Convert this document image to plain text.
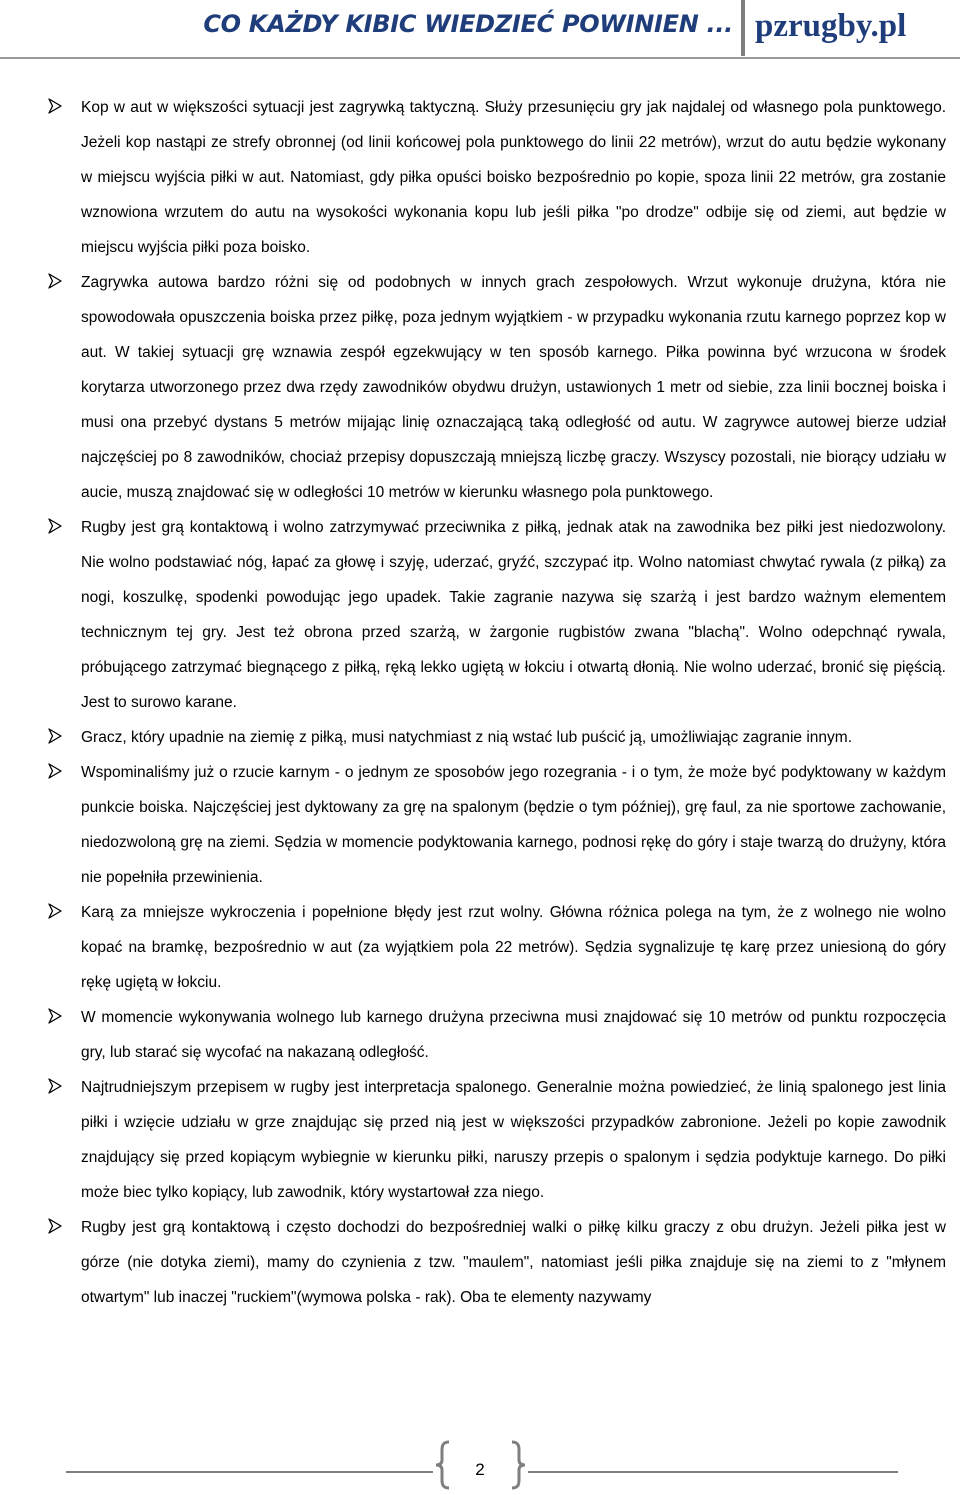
CO KAŻDY KIBIC WIEDZIEĆ POWINIEN ... pzrugby.pl
Kop w aut w większości sytuacji jest zagrywką taktyczną. Służy przesunięciu gry jak najdalej od własnego pola punktowego. Jeżeli kop nastąpi ze strefy obronnej (od linii końcowej pola punktowego do linii 22 metrów), wrzut do autu będzie wykonany w miejscu wyjścia piłki w aut. Natomiast, gdy piłka opuści boisko bezpośrednio po kopie, spoza linii 22 metrów, gra zostanie wznowiona wrzutem do autu na wysokości wykonania kopu lub jeśli piłka "po drodze" odbije się od ziemi, aut będzie w miejscu wyjścia piłki poza boisko.
Zagrywka autowa bardzo różni się od podobnych w innych grach zespołowych. Wrzut wykonuje drużyna, która nie spowodowała opuszczenia boiska przez piłkę, poza jednym wyjątkiem - w przypadku wykonania rzutu karnego poprzez kop w aut. W takiej sytuacji grę wznawia zespół egzekwujący w ten sposób karnego. Piłka powinna być wrzucona w środek korytarza utworzonego przez dwa rzędy zawodników obydwu drużyn, ustawionych 1 metr od siebie, zza linii bocznej boiska i musi ona przebyć dystans 5 metrów mijając linię oznaczającą taką odległość od autu. W zagrywce autowej bierze udział najczęściej po 8 zawodników, chociaż przepisy dopuszczają mniejszą liczbę graczy. Wszyscy pozostali, nie biorący udziału w aucie, muszą znajdować się w odległości 10 metrów w kierunku własnego pola punktowego.
Rugby jest grą kontaktową i wolno zatrzymywać przeciwnika z piłką, jednak atak na zawodnika bez piłki jest niedozwolony. Nie wolno podstawiać nóg, łapać za głowę i szyję, uderzać, gryźć, szczypać itp. Wolno natomiast chwytać rywala (z piłką) za nogi, koszulkę, spodenki powodując jego upadek. Takie zagranie nazywa się szarżą i jest bardzo ważnym elementem technicznym tej gry. Jest też obrona przed szarżą, w żargonie rugbistów zwana "blachą". Wolno odepchnąć rywala, próbującego zatrzymać biegnącego z piłką, ręką lekko ugiętą w łokciu i otwartą dłonią. Nie wolno uderzać, bronić się pięścią. Jest to surowo karane.
Gracz, który upadnie na ziemię z piłką, musi natychmiast z nią wstać lub puścić ją, umożliwiając zagranie innym.
Wspominaliśmy już o rzucie karnym - o jednym ze sposobów jego rozegrania - i o tym, że może być podyktowany w każdym punkcie boiska. Najczęściej jest dyktowany za grę na spalonym (będzie o tym później), grę faul, za nie sportowe zachowanie, niedozwoloną grę na ziemi. Sędzia w momencie podyktowania karnego, podnosi rękę do góry i staje twarzą do drużyny, która nie popełniła przewinienia.
Karą za mniejsze wykroczenia i popełnione błędy jest rzut wolny. Główna różnica polega na tym, że z wolnego nie wolno kopać na bramkę, bezpośrednio w aut (za wyjątkiem pola 22 metrów). Sędzia sygnalizuje tę karę przez uniesioną do góry rękę ugiętą w łokciu.
W momencie wykonywania wolnego lub karnego drużyna przeciwna musi znajdować się 10 metrów od punktu rozpoczęcia gry, lub starać się wycofać na nakazaną odległość.
Najtrudniejszym przepisem w rugby jest interpretacja spalonego. Generalnie można powiedzieć, że linią spalonego jest linia piłki i wzięcie udziału w grze znajdując się przed nią jest w większości przypadków zabronione. Jeżeli po kopie zawodnik znajdujący się przed kopiącym wybiegnie w kierunku piłki, naruszy przepis o spalonym i sędzia podyktuje karnego. Do piłki może biec tylko kopiący, lub zawodnik, który wystartował zza niego.
Rugby jest grą kontaktową i często dochodzi do bezpośredniej walki o piłkę kilku graczy z obu drużyn. Jeżeli piłka jest w górze (nie dotyka ziemi), mamy do czynienia z tzw. "maulem", natomiast jeśli piłka znajduje się na ziemi to z "młynem otwartym" lub inaczej "ruckiem"(wymowa polska - rak). Oba te elementy nazywamy
2
